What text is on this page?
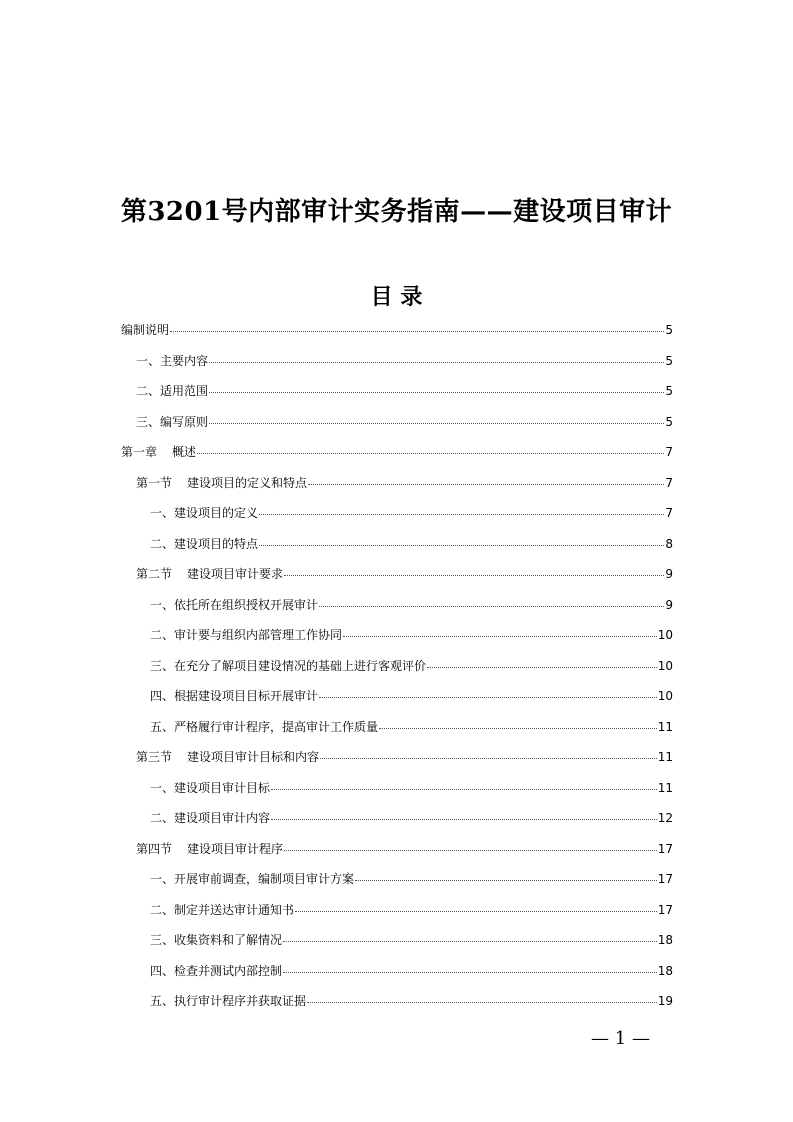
第3201号内部审计实务指南——建设项目审计
目 录
编制说明	5
一、主要内容	5
二、适用范围	5
三、编写原则	5
第一章 概述	7
第一节 建设项目的定义和特点	7
一、建设项目的定义	7
二、建设项目的特点	8
第二节 建设项目审计要求	9
一、依托所在组织授权开展审计	9
二、审计要与组织内部管理工作协同	10
三、在充分了解项目建设情况的基础上进行客观评价	10
四、根据建设项目目标开展审计	10
五、严格履行审计程序，提高审计工作质量	11
第三节 建设项目审计目标和内容	11
一、建设项目审计目标	11
二、建设项目审计内容	12
第四节 建设项目审计程序	17
一、开展审前调查，编制项目审计方案	17
二、制定并送达审计通知书	17
三、收集资料和了解情况	18
四、检查并测试内部控制	18
五、执行审计程序并获取证据	19
— 1 —
